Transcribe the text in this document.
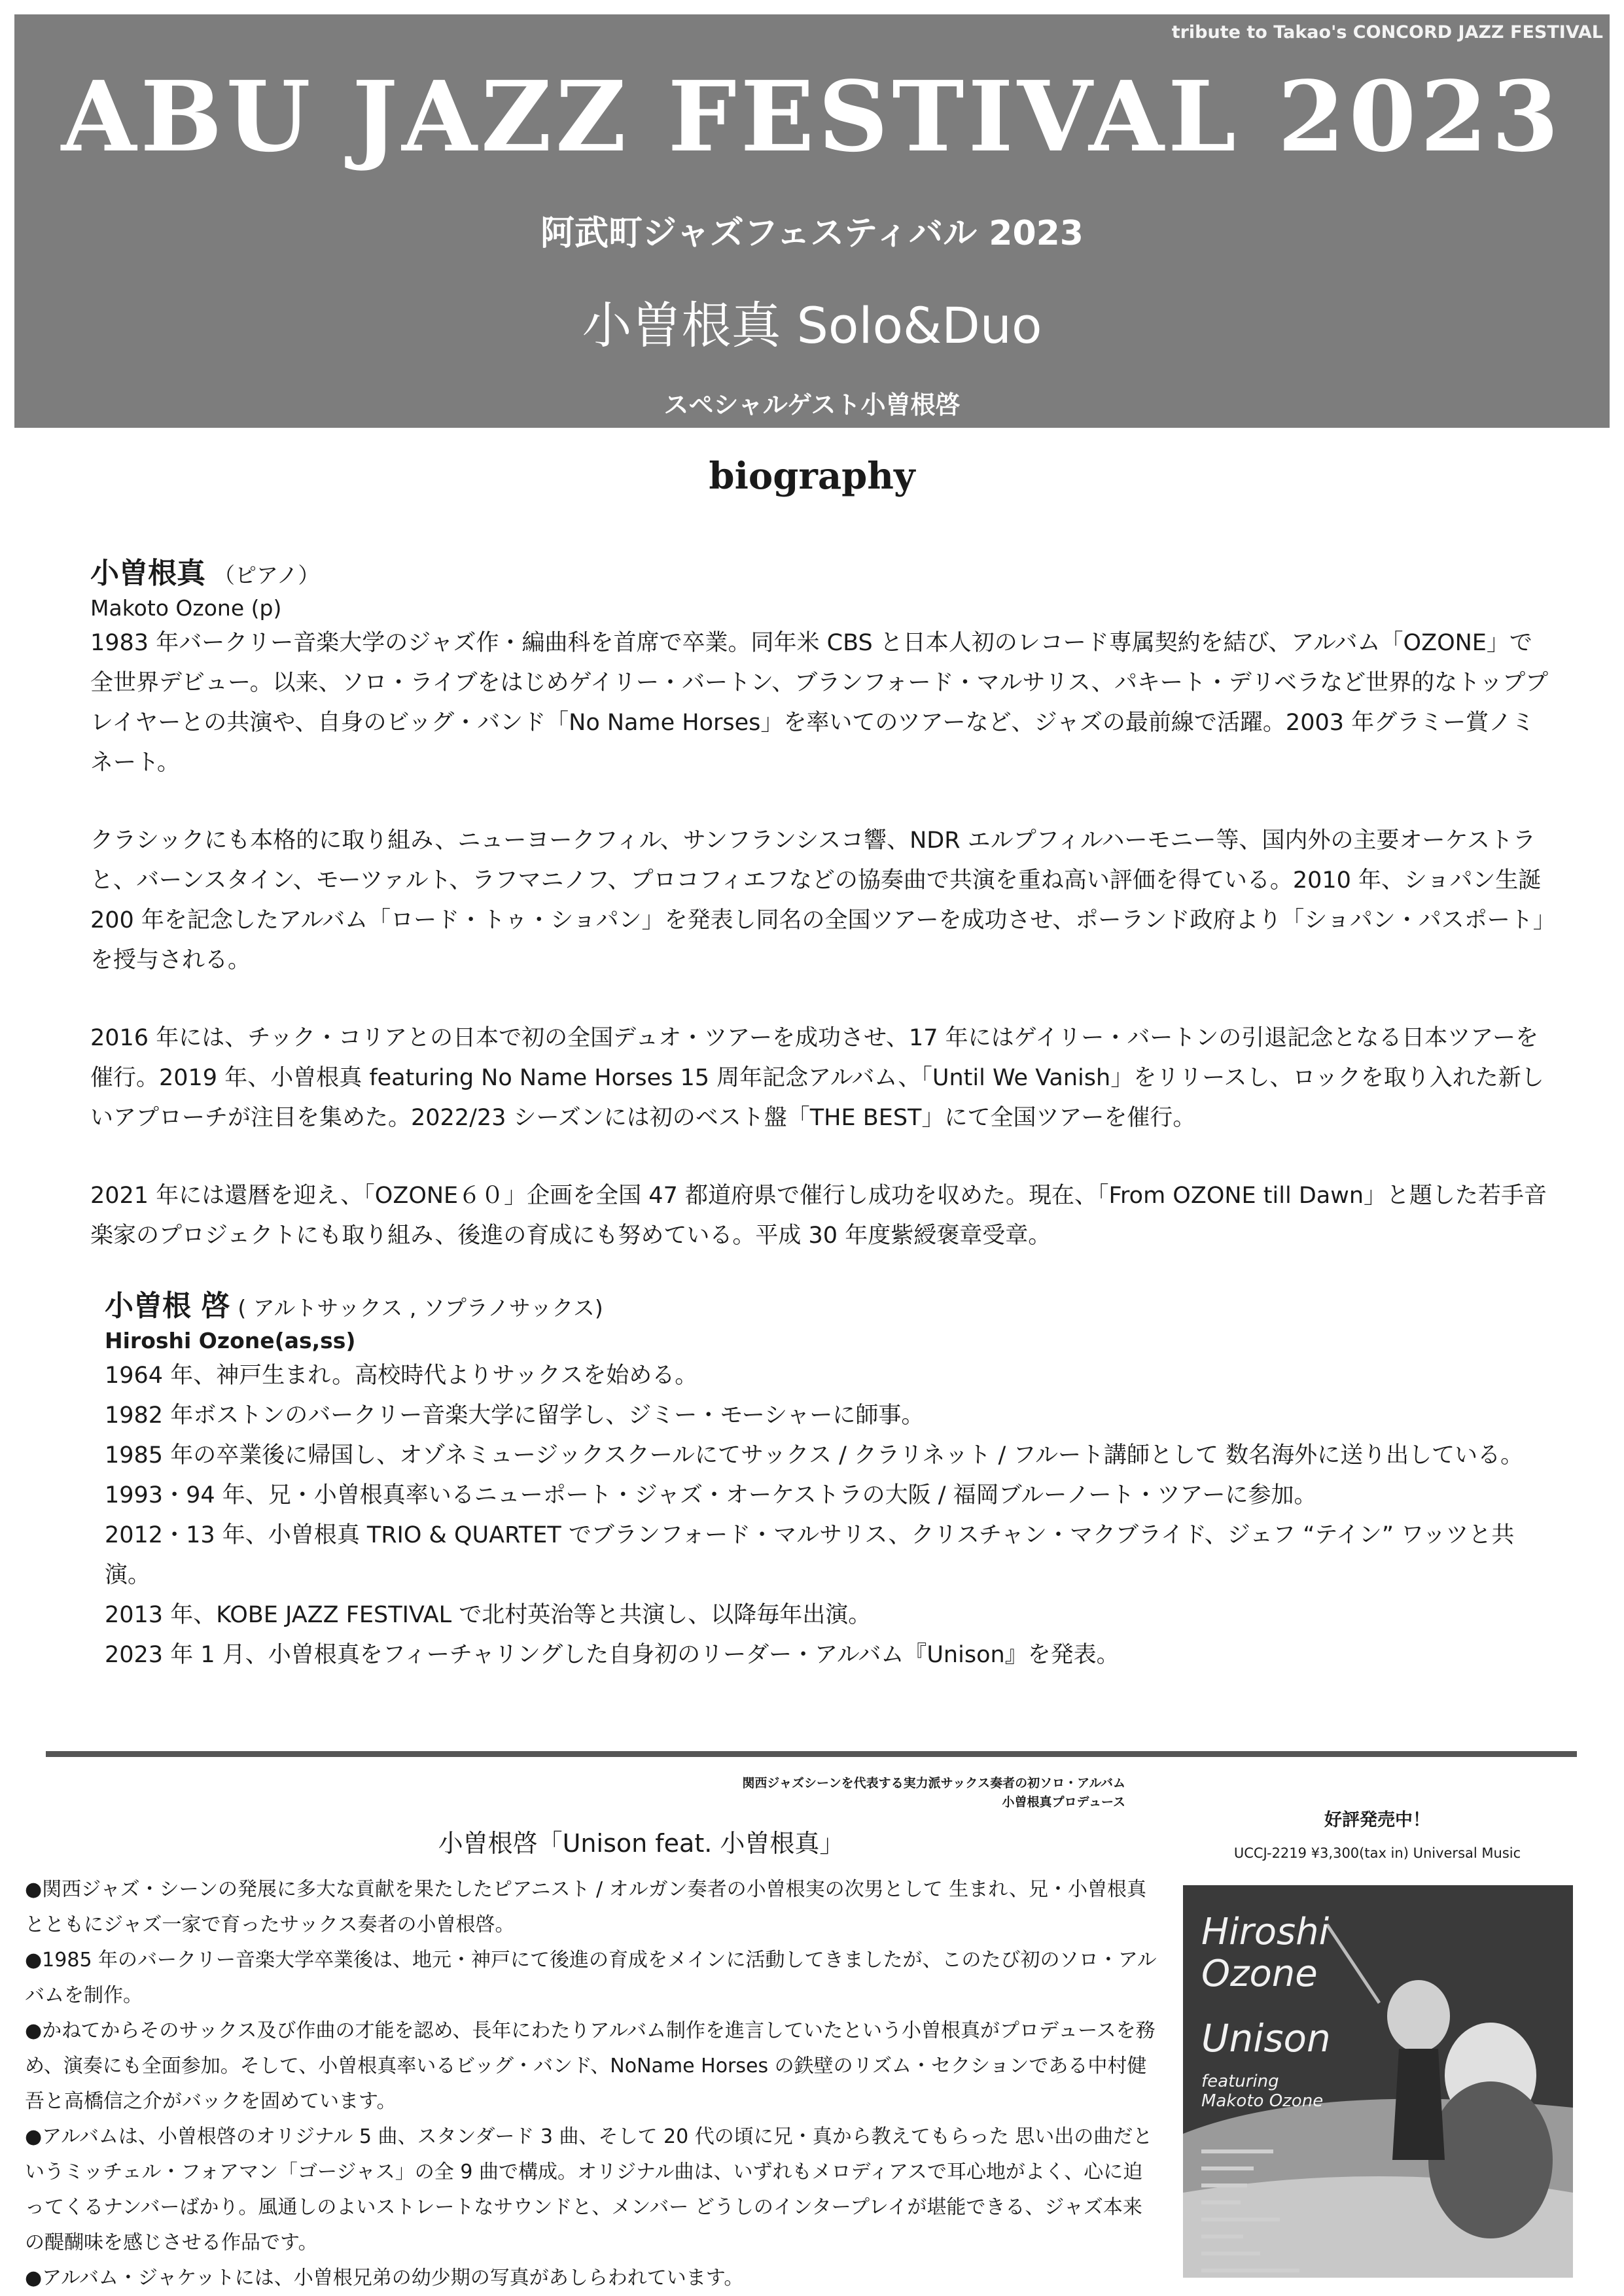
tribute to Takao's CONCORD JAZZ FESTIVAL
ABU JAZZ FESTIVAL 2023
阿武町ジャズフェスティバル 2023
小曽根真 Solo&Duo
スペシャルゲスト小曽根啓
biography
小曽根真 （ピアノ）
Makoto Ozone (p)

1983 年バークリー音楽大学のジャズ作・編曲科を首席で卒業。同年米 CBS と日本人初のレコード専属契約を結び、アルバム「OZONE」で全世界デビュー。以来、ソロ・ライブをはじめゲイリー・バートン、ブランフォード・マルサリス、パキート・デリベラなど世界的なトッププレイヤーとの共演や、自身のビッグ・バンド「No Name Horses」を率いてのツアーなど、ジャズの最前線で活躍。2003 年グラミー賞ノミネート。

クラシックにも本格的に取り組み、ニューヨークフィル、サンフランシスコ響、NDR エルプフィルハーモニー等、国内外の主要オーケストラと、バーンスタイン、モーツァルト、ラフマニノフ、プロコフィエフなどの協奏曲で共演を重ね高い評価を得ている。2010 年、ショパン生誕 200 年を記念したアルバム「ロード・トゥ・ショパン」を発表し同名の全国ツアーを成功させ、ポーランド政府より「ショパン・パスポート」を授与される。

2016 年には、チック・コリアとの日本で初の全国デュオ・ツアーを成功させ、17 年にはゲイリー・バートンの引退記念となる日本ツアーを催行。2019 年、小曽根真 featuring No Name Horses 15 周年記念アルバム、「Until We Vanish」をリリースし、ロックを取り入れた新しいアプローチが注目を集めた。2022/23 シーズンには初のベスト盤「THE BEST」にて全国ツアーを催行。

2021 年には還暦を迎え、「OZONE６０」企画を全国 47 都道府県で催行し成功を収めた。現在、「From OZONE till Dawn」と題した若手音楽家のプロジェクトにも取り組み、後進の育成にも努めている。平成 30 年度紫綬褒章受章。

小曽根 啓 ( アルトサックス , ソプラノサックス)
Hiroshi Ozone(as,ss)
1964 年、神戸生まれ。高校時代よりサックスを始める。
1982 年ボストンのバークリー音楽大学に留学し、ジミー・モーシャーに師事。
1985 年の卒業後に帰国し、オゾネミュージックスクールにてサックス / クラリネット / フルート講師として 数名海外に送り出している。
1993・94 年、兄・小曽根真率いるニューポート・ジャズ・オーケストラの大阪 / 福岡ブルーノート・ツアーに参加。
2012・13 年、小曽根真 TRIO & QUARTET でブランフォード・マルサリス、クリスチャン・マクブライド、ジェフ “テイン” ワッツと共演。
2013 年、KOBE JAZZ FESTIVAL で北村英治等と共演し、以降毎年出演。
2023 年 1 月、小曽根真をフィーチャリングした自身初のリーダー・アルバム『Unison』を発表。
関西ジャズシーンを代表する実力派サックス奏者の初ソロ・アルバム
小曽根真プロデュース
小曽根啓「Unison feat. 小曽根真」
●関西ジャズ・シーンの発展に多大な貢献を果たしたピアニスト / オルガン奏者の小曽根実の次男として 生まれ、兄・小曽根真とともにジャズ一家で育ったサックス奏者の小曽根啓。
●1985 年のバークリー音楽大学卒業後は、地元・神戸にて後進の育成をメインに活動してきましたが、このたび初のソロ・アルバムを制作。
●かねてからそのサックス及び作曲の才能を認め、長年にわたりアルバム制作を進言していたという小曽根真がプロデュースを務め、演奏にも全面参加。そして、小曽根真率いるビッグ・バンド、NoName Horses の鉄壁のリズム・セクションである中村健吾と高橋信之介がバックを固めています。
●アルバムは、小曽根啓のオリジナル 5 曲、スタンダード 3 曲、そして 20 代の頃に兄・真から教えてもらった 思い出の曲だというミッチェル・フォアマン「ゴージャス」の全 9 曲で構成。オリジナル曲は、いずれもメロディアスで耳心地がよく、心に迫ってくるナンバーばかり。風通しのよいストレートなサウンドと、メンバー どうしのインタープレイが堪能できる、ジャズ本来の醍醐味を感じさせる作品です。
●アルバム・ジャケットには、小曽根兄弟の幼少期の写真があしらわれています。
好評発売中！
UCCJ-2219 ¥3,300(tax in) Universal Music
Hiroshi
Ozone
Unison
featuring
Makoto Ozone
